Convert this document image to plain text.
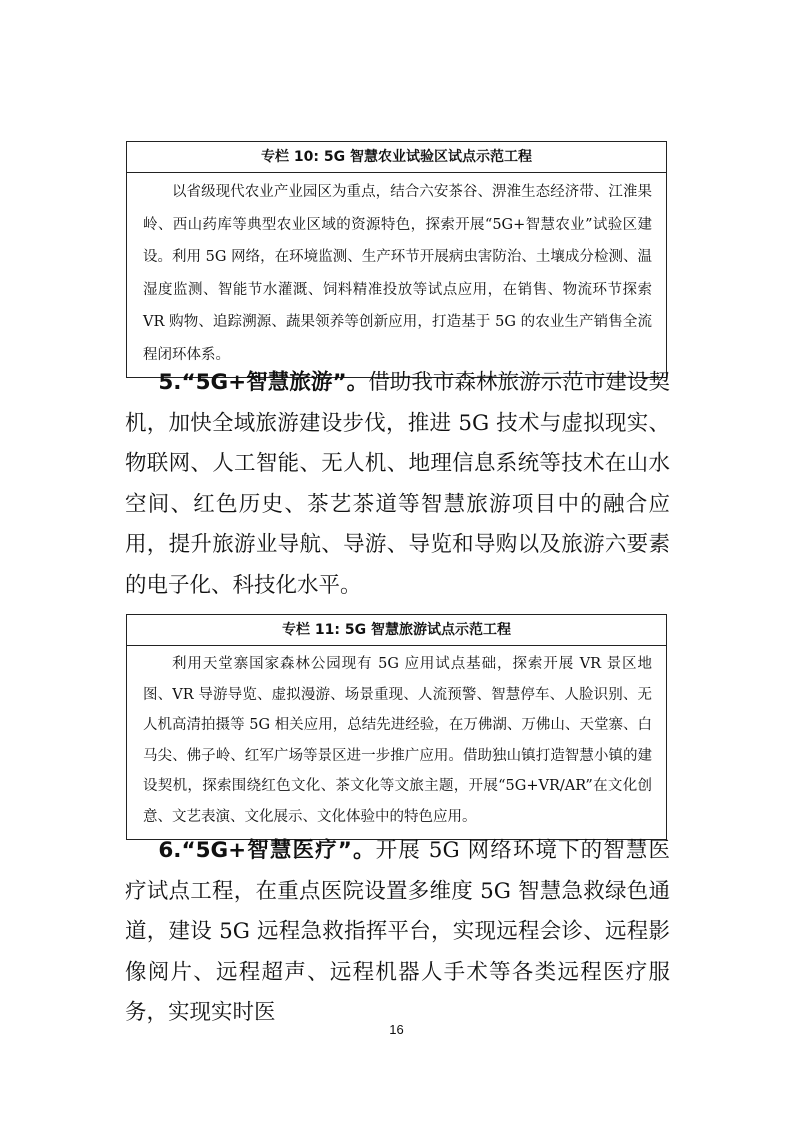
专栏 10: 5G 智慧农业试验区试点示范工程
以省级现代农业产业园区为重点，结合六安茶谷、淠淮生态经济带、江淮果岭、西山药库等典型农业区域的资源特色，探索开展“5G+智慧农业”试验区建设。利用 5G 网络，在环境监测、生产环节开展病虫害防治、土壤成分检测、温湿度监测、智能节水灌溉、饲料精准投放等试点应用，在销售、物流环节探索 VR 购物、追踪溯源、蔬果领养等创新应用，打造基于 5G 的农业生产销售全流程闭环体系。
5.“5G+智慧旅游”。借助我市森林旅游示范市建设契机，加快全域旅游建设步伐，推进 5G 技术与虚拟现实、物联网、人工智能、无人机、地理信息系统等技术在山水空间、红色历史、茶艺茶道等智慧旅游项目中的融合应用，提升旅游业导航、导游、导览和导购以及旅游六要素的电子化、科技化水平。
专栏 11: 5G 智慧旅游试点示范工程
利用天堂寨国家森林公园现有 5G 应用试点基础，探索开展 VR 景区地图、VR 导游导览、虚拟漫游、场景重现、人流预警、智慧停车、人脸识别、无人机高清拍摄等 5G 相关应用，总结先进经验，在万佛湖、万佛山、天堂寨、白马尖、佛子岭、红军广场等景区进一步推广应用。借助独山镇打造智慧小镇的建设契机，探索围绕红色文化、茶文化等文旅主题，开展“5G+VR/AR”在文化创意、文艺表演、文化展示、文化体验中的特色应用。
6.“5G+智慧医疗”。开展 5G 网络环境下的智慧医疗试点工程，在重点医院设置多维度 5G 智慧急救绿色通道，建设 5G 远程急救指挥平台，实现远程会诊、远程影像阅片、远程超声、远程机器人手术等各类远程医疗服务，实现实时医
16
